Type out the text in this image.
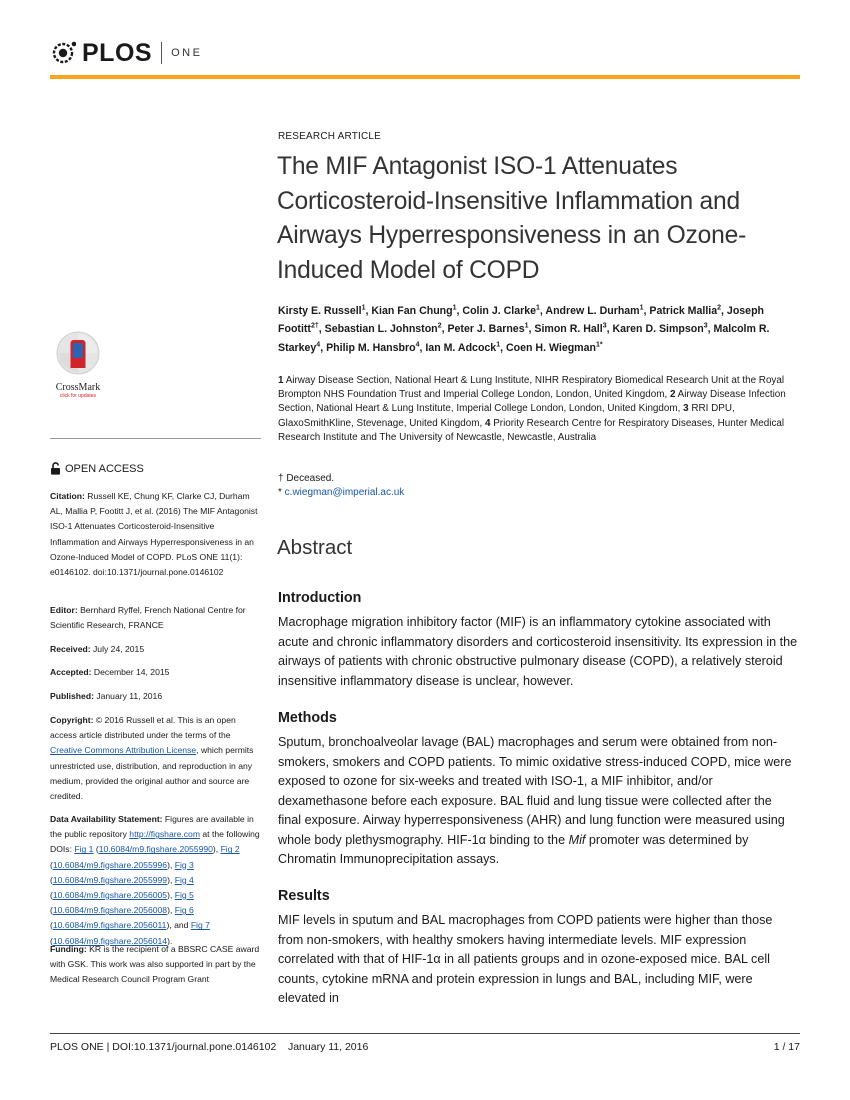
PLOS ONE
CrossMark
click for updates
OPEN ACCESS
Citation: Russell KE, Chung KF, Clarke CJ, Durham AL, Mallia P, Footitt J, et al. (2016) The MIF Antagonist ISO-1 Attenuates Corticosteroid-Insensitive Inflammation and Airways Hyperresponsiveness in an Ozone-Induced Model of COPD. PLoS ONE 11(1): e0146102. doi:10.1371/journal.pone.0146102
Editor: Bernhard Ryffel, French National Centre for Scientific Research, FRANCE
Received: July 24, 2015
Accepted: December 14, 2015
Published: January 11, 2016
Copyright: © 2016 Russell et al. This is an open access article distributed under the terms of the Creative Commons Attribution License, which permits unrestricted use, distribution, and reproduction in any medium, provided the original author and source are credited.
Data Availability Statement: Figures are available in the public repository http://figshare.com at the following DOIs: Fig 1 (10.6084/m9.figshare.2055990), Fig 2 (10.6084/m9.figshare.2055996), Fig 3 (10.6084/m9.figshare.2055999), Fig 4 (10.6084/m9.figshare.2056005), Fig 5 (10.6084/m9.figshare.2056008), Fig 6 (10.6084/m9.figshare.2056011), and Fig 7 (10.6084/m9.figshare.2056014).
Funding: KR is the recipient of a BBSRC CASE award with GSK. This work was also supported in part by the Medical Research Council Program Grant
RESEARCH ARTICLE
The MIF Antagonist ISO-1 Attenuates Corticosteroid-Insensitive Inflammation and Airways Hyperresponsiveness in an Ozone-Induced Model of COPD
Kirsty E. Russell$^1$, Kian Fan Chung$^1$, Colin J. Clarke$^1$, Andrew L. Durham$^1$, Patrick Mallia$^2$, Joseph Footitt$^{2\dagger}$, Sebastian L. Johnston$^2$, Peter J. Barnes$^1$, Simon R. Hall$^3$, Karen D. Simpson$^3$, Malcolm R. Starkey$^4$, Philip M. Hansbro$^4$, Ian M. Adcock$^1$, Coen H. Wiegman$^{1*}$
1 Airway Disease Section, National Heart & Lung Institute, NIHR Respiratory Biomedical Research Unit at the Royal Brompton NHS Foundation Trust and Imperial College London, London, United Kingdom, 2 Airway Disease Infection Section, National Heart & Lung Institute, Imperial College London, London, United Kingdom, 3 RRI DPU, GlaxoSmithKline, Stevenage, United Kingdom, 4 Priority Research Centre for Respiratory Diseases, Hunter Medical Research Institute and The University of Newcastle, Newcastle, Australia
† Deceased.
* c.wiegman@imperial.ac.uk
Abstract
Introduction
Macrophage migration inhibitory factor (MIF) is an inflammatory cytokine associated with acute and chronic inflammatory disorders and corticosteroid insensitivity. Its expression in the airways of patients with chronic obstructive pulmonary disease (COPD), a relatively steroid insensitive inflammatory disease is unclear, however.
Methods
Sputum, bronchoalveolar lavage (BAL) macrophages and serum were obtained from non-smokers, smokers and COPD patients. To mimic oxidative stress-induced COPD, mice were exposed to ozone for six-weeks and treated with ISO-1, a MIF inhibitor, and/or dexamethasone before each exposure. BAL fluid and lung tissue were collected after the final exposure. Airway hyperresponsiveness (AHR) and lung function were measured using whole body plethysmography. HIF-1α binding to the Mif promoter was determined by Chromatin Immunoprecipitation assays.
Results
MIF levels in sputum and BAL macrophages from COPD patients were higher than those from non-smokers, with healthy smokers having intermediate levels. MIF expression correlated with that of HIF-1α in all patients groups and in ozone-exposed mice. BAL cell counts, cytokine mRNA and protein expression in lungs and BAL, including MIF, were elevated in
PLOS ONE | DOI:10.1371/journal.pone.0146102    January 11, 2016	1 / 17
